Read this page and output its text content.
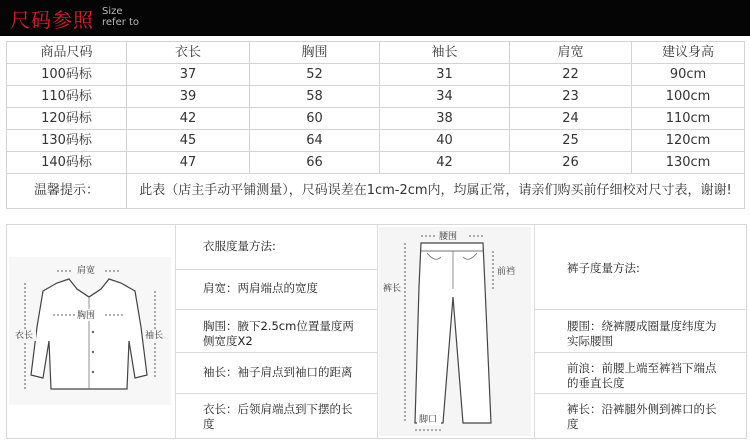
尺码参照 Size
refer to
商品尺码	衣长	胸围	袖长	肩宽	建议身高
100码标	37	52	31	22	90cm
110码标	39	58	34	23	100cm
120码标	42	60	38	24	110cm
130码标	45	64	40	25	120cm
140码标	47	66	42	26	130cm
温馨提示：	此表（店主手动平铺测量），尺码误差在1cm-2cm内，均属正常，请亲们购买前仔细校对尺寸表，谢谢!				
肩宽
胸围
衣长	袖长
衣服度量方法:
肩宽：两肩端点的宽度
胸围：腋下2.5cm位置量度两侧宽度X2
袖长：袖子肩点到袖口的距离
衣长：后领肩端点到下摆的长度
腰围
裤长
前裆
脚口
裤子度量方法:
腰围：绕裤腰成圈量度纬度为实际腰围
前浪：前腰上端至裤裆下端点的垂直长度
裤长：沿裤腿外侧到裤口的长度
